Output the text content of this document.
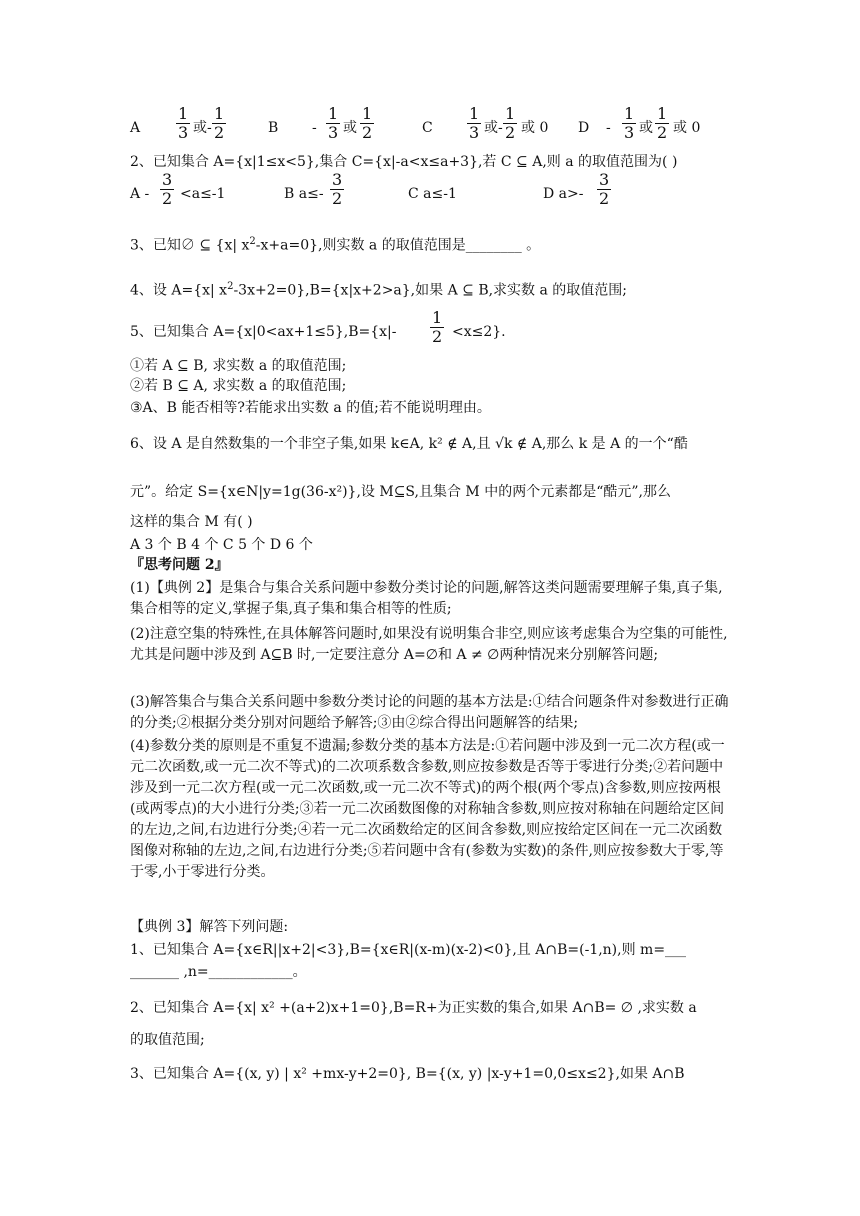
A $\frac{1}{3}$ 或- $\frac{1}{2}$	B - $\frac{1}{3}$ 或 $\frac{1}{2}$	C $\frac{1}{3}$ 或- $\frac{1}{2}$ 或 0 D - $\frac{1}{3}$ 或 $\frac{1}{2}$ 或 0
2、已知集合 A={x|1≤x<5},集合 C={x|-a<x≤a+3},若 C ⊆ A,则 a 的取值范围为( )
$A - \frac{3}{2} <a\le-1$	B $a\le- \frac{3}{2}$	C a≤-1	D $a>- \frac{3}{2}$
3、已知∅ ⊆ {x| $x^2-x+a=0$},则实数 a 的取值范围是________ 。
4、设 A={x| $x^2-3x+2=0\},B=\{x|x+2>a\}$,如果 A ⊆ B,求实数 a 的取值范围;
5、已知集合 $A=\{x|0<ax+1\le 5\},B=\{x|- \frac{1}{2} <x\le 2\}$.
①若 A ⊆ B, 求实数 a 的取值范围;
②若 B ⊆ A, 求实数 a 的取值范围;
③A、B 能否相等?若能求出实数 a 的值;若不能说明理由。
6、设 A 是自然数集的一个非空子集,如果 k∈A, k² ∉ A,且 √k ∉ A,那么 k 是 A 的一个“酷
元”。给定 S={x∈N|y=1g(36-x²)},设 M⊆S,且集合 M 中的两个元素都是“酷元”,那么
这样的集合 M 有( )
A 3 个 B 4 个 C 5 个 D 6 个
『思考问题 2』
(1)【典例 2】是集合与集合关系问题中参数分类讨论的问题,解答这类问题需要理解子集,真子集,集合相等的定义,掌握子集,真子集和集合相等的性质;
(2)注意空集的特殊性,在具体解答问题时,如果没有说明集合非空,则应该考虑集合为空集的可能性,尤其是问题中涉及到 A⊆B 时,一定要注意分 A=∅和 A ≠ ∅两种情况来分别解答问题;
(3)解答集合与集合关系问题中参数分类讨论的问题的基本方法是:①结合问题条件对参数进行正确的分类;②根据分类分别对问题给予解答;③由②综合得出问题解答的结果;
(4)参数分类的原则是不重复不遗漏;参数分类的基本方法是:①若问题中涉及到一元二次方程(或一元二次函数,或一元二次不等式)的二次项系数含参数,则应按参数是否等于零进行分类;②若问题中涉及到一元二次方程(或一元二次函数,或一元二次不等式)的两个根(两个零点)含参数,则应按两根(或两零点)的大小进行分类;③若一元二次函数图像的对称轴含参数,则应按对称轴在问题给定区间的左边,之间,右边进行分类;④若一元二次函数给定的区间含参数,则应按给定区间在一元二次函数图像对称轴的左边,之间,右边进行分类;⑤若问题中含有(参数为实数)的条件,则应按参数大于零,等于零,小于零进行分类。
【典例 3】解答下列问题:
1、已知集合 A={x∈R||x+2|<3},B={x∈R|(x-m)(x-2)<0},且 A∩B=(-1,n),则 m=___
_______ ,n=____________。
2、已知集合 A={x| x² +(a+2)x+1=0},B=R+为正实数的集合,如果 A∩B= ∅ ,求实数 a
的取值范围;
3、已知集合 A={(x, y) | x² +mx-y+2=0}, B={(x, y) |x-y+1=0,0≤x≤2},如果 A∩B
